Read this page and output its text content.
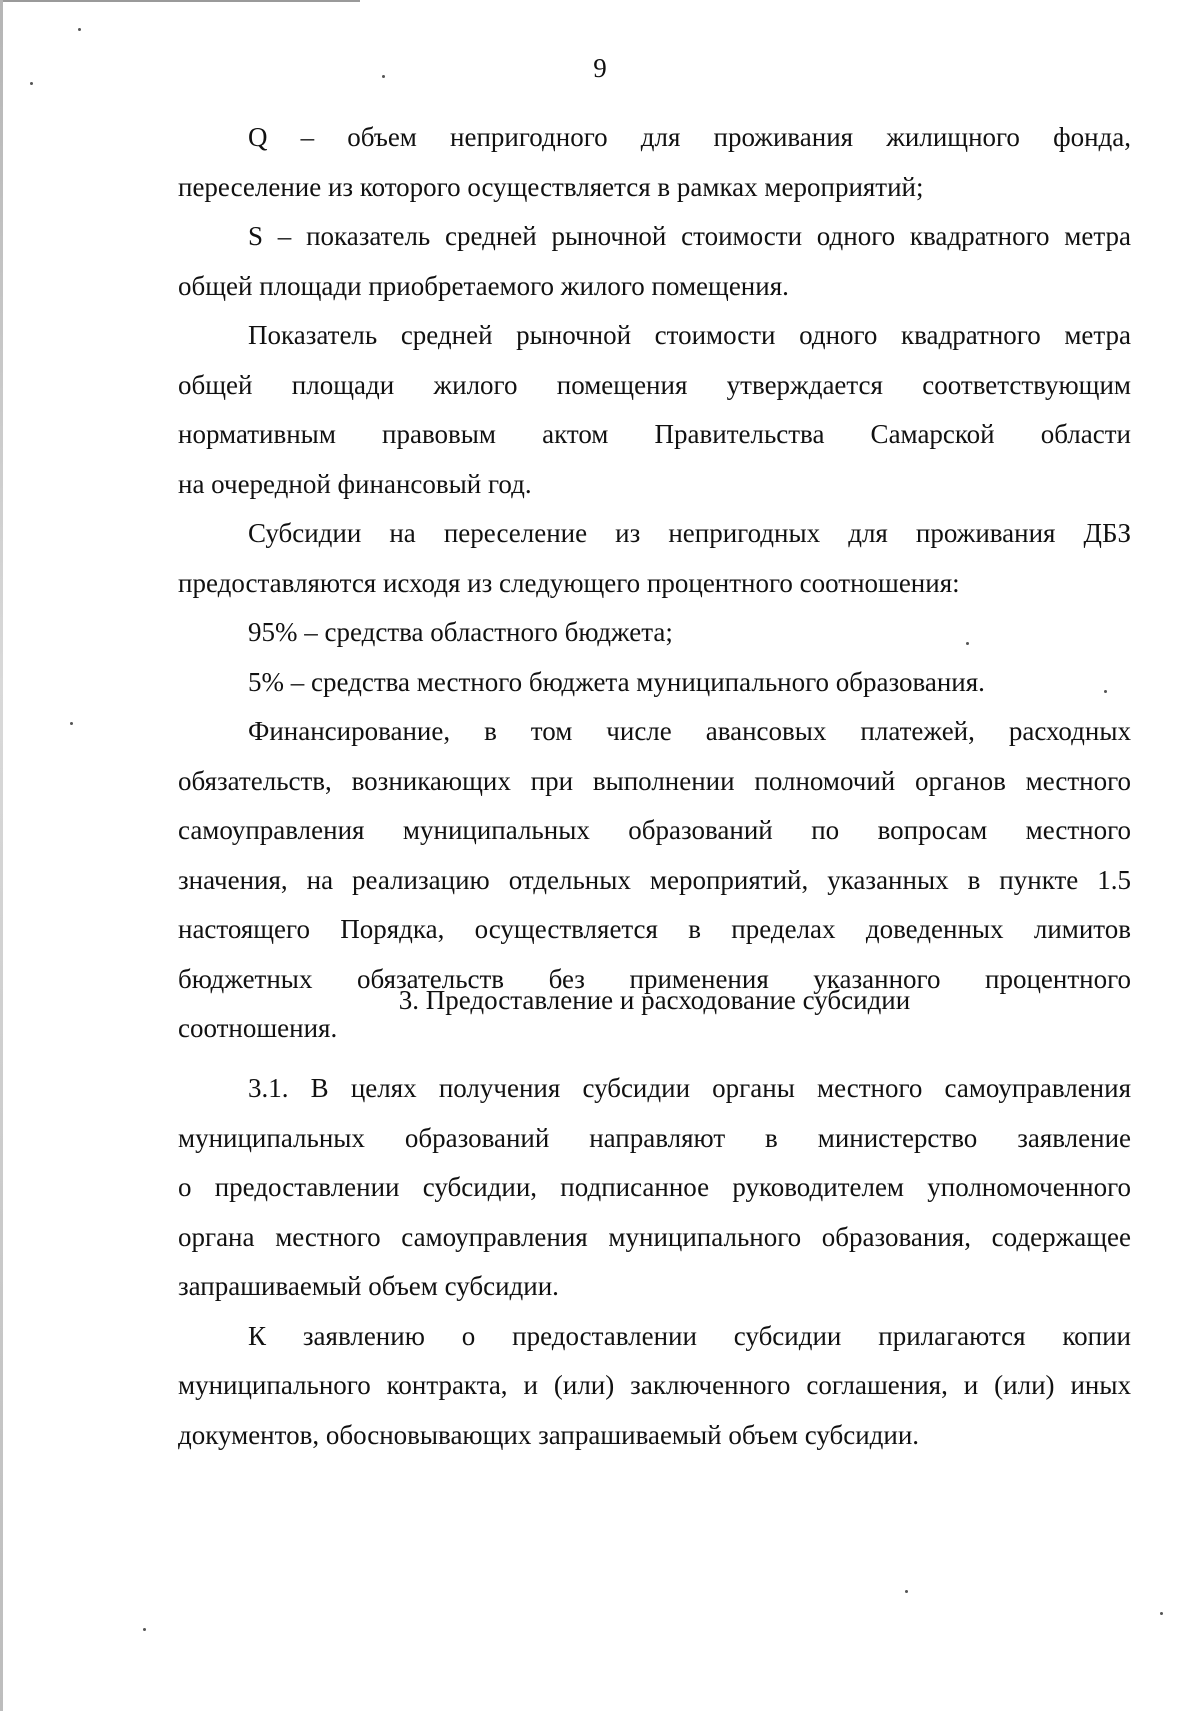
9
Q – объем непригодного для проживания жилищного фонда,
переселение из которого осуществляется в рамках мероприятий;
S – показатель средней рыночной стоимости одного квадратного метра
общей площади приобретаемого жилого помещения.
Показатель средней рыночной стоимости одного квадратного метра
общей площади жилого помещения утверждается соответствующим
нормативным правовым актом Правительства Самарской области
на очередной финансовый год.
Субсидии на переселение из непригодных для проживания ДБЗ
предоставляются исходя из следующего процентного соотношения:
95% – средства областного бюджета;
5% – средства местного бюджета муниципального образования.
Финансирование, в том числе авансовых платежей, расходных
обязательств, возникающих при выполнении полномочий органов местного
самоуправления муниципальных образований по вопросам местного
значения, на реализацию отдельных мероприятий, указанных в пункте 1.5
настоящего Порядка, осуществляется в пределах доведенных лимитов
бюджетных обязательств без применения указанного процентного
соотношения.
3. Предоставление и расходование субсидии
3.1. В целях получения субсидии органы местного самоуправления
муниципальных образований направляют в министерство заявление
о предоставлении субсидии, подписанное руководителем уполномоченного
органа местного самоуправления муниципального образования, содержащее
запрашиваемый объем субсидии.
К заявлению о предоставлении субсидии прилагаются копии
муниципального контракта, и (или) заключенного соглашения, и (или) иных
документов, обосновывающих запрашиваемый объем субсидии.
